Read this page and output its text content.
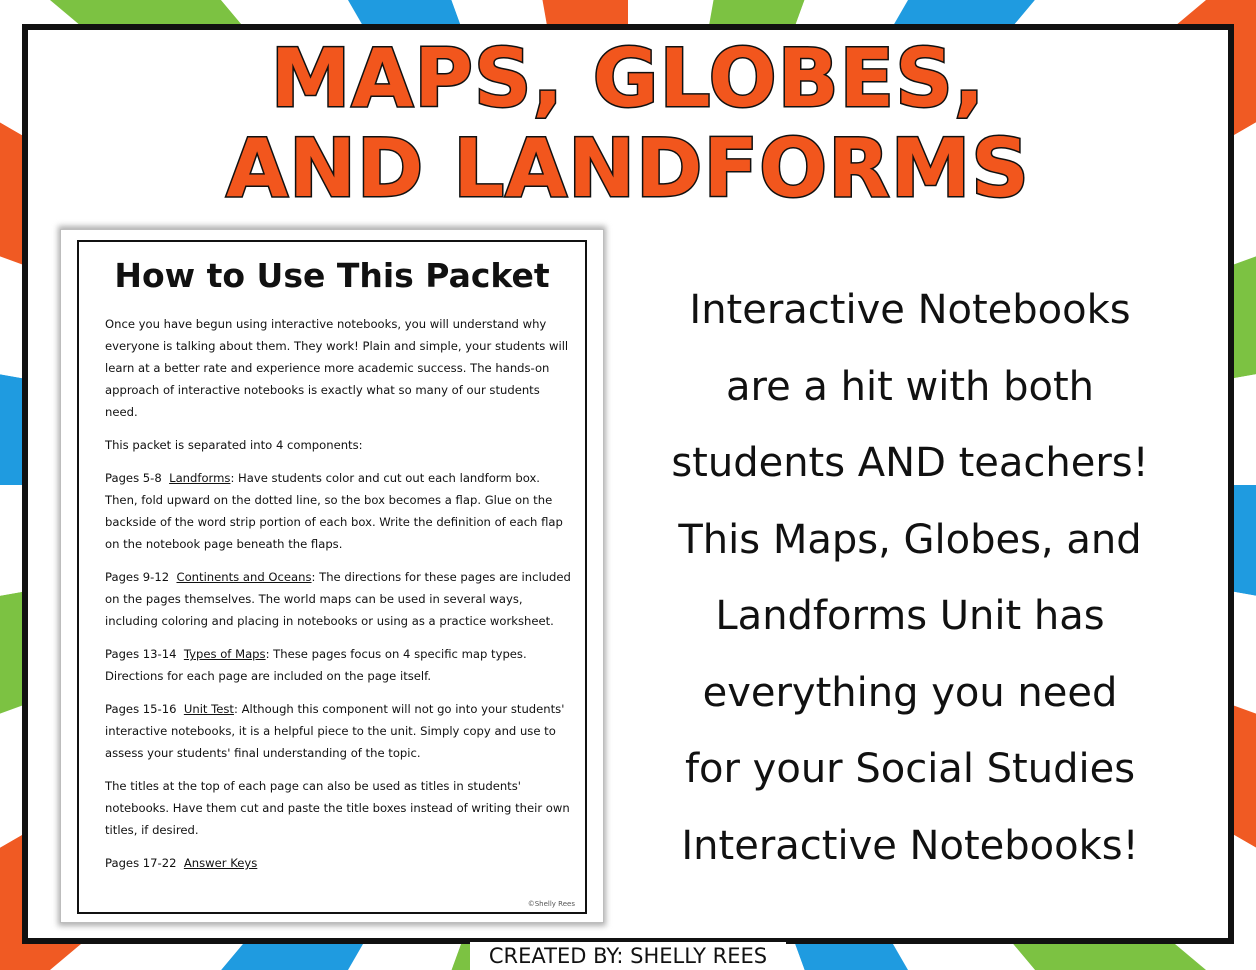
MAPS, GLOBES,
AND LANDFORMS
How to Use This Packet

Once you have begun using interactive notebooks, you will understand why everyone is talking about them. They work! Plain and simple, your students will learn at a better rate and experience more academic success. The hands-on approach of interactive notebooks is exactly what so many of our students need.

This packet is separated into 4 components:

Pages 5-8 Landforms: Have students color and cut out each landform box. Then, fold upward on the dotted line, so the box becomes a flap. Glue on the backside of the word strip portion of each box. Write the definition of each flap on the notebook page beneath the flaps.

Pages 9-12 Continents and Oceans: The directions for these pages are included on the pages themselves. The world maps can be used in several ways, including coloring and placing in notebooks or using as a practice worksheet.

Pages 13-14 Types of Maps: These pages focus on 4 specific map types. Directions for each page are included on the page itself.

Pages 15-16 Unit Test: Although this component will not go into your students' interactive notebooks, it is a helpful piece to the unit. Simply copy and use to assess your students' final understanding of the topic.

The titles at the top of each page can also be used as titles in students' notebooks. Have them cut and paste the title boxes instead of writing their own titles, if desired.

Pages 17-22 Answer Keys

©Shelly Rees
Interactive Notebooks
are a hit with both
students AND teachers!
This Maps, Globes, and
Landforms Unit has
everything you need
for your Social Studies
Interactive Notebooks!
CREATED BY: SHELLY REES
